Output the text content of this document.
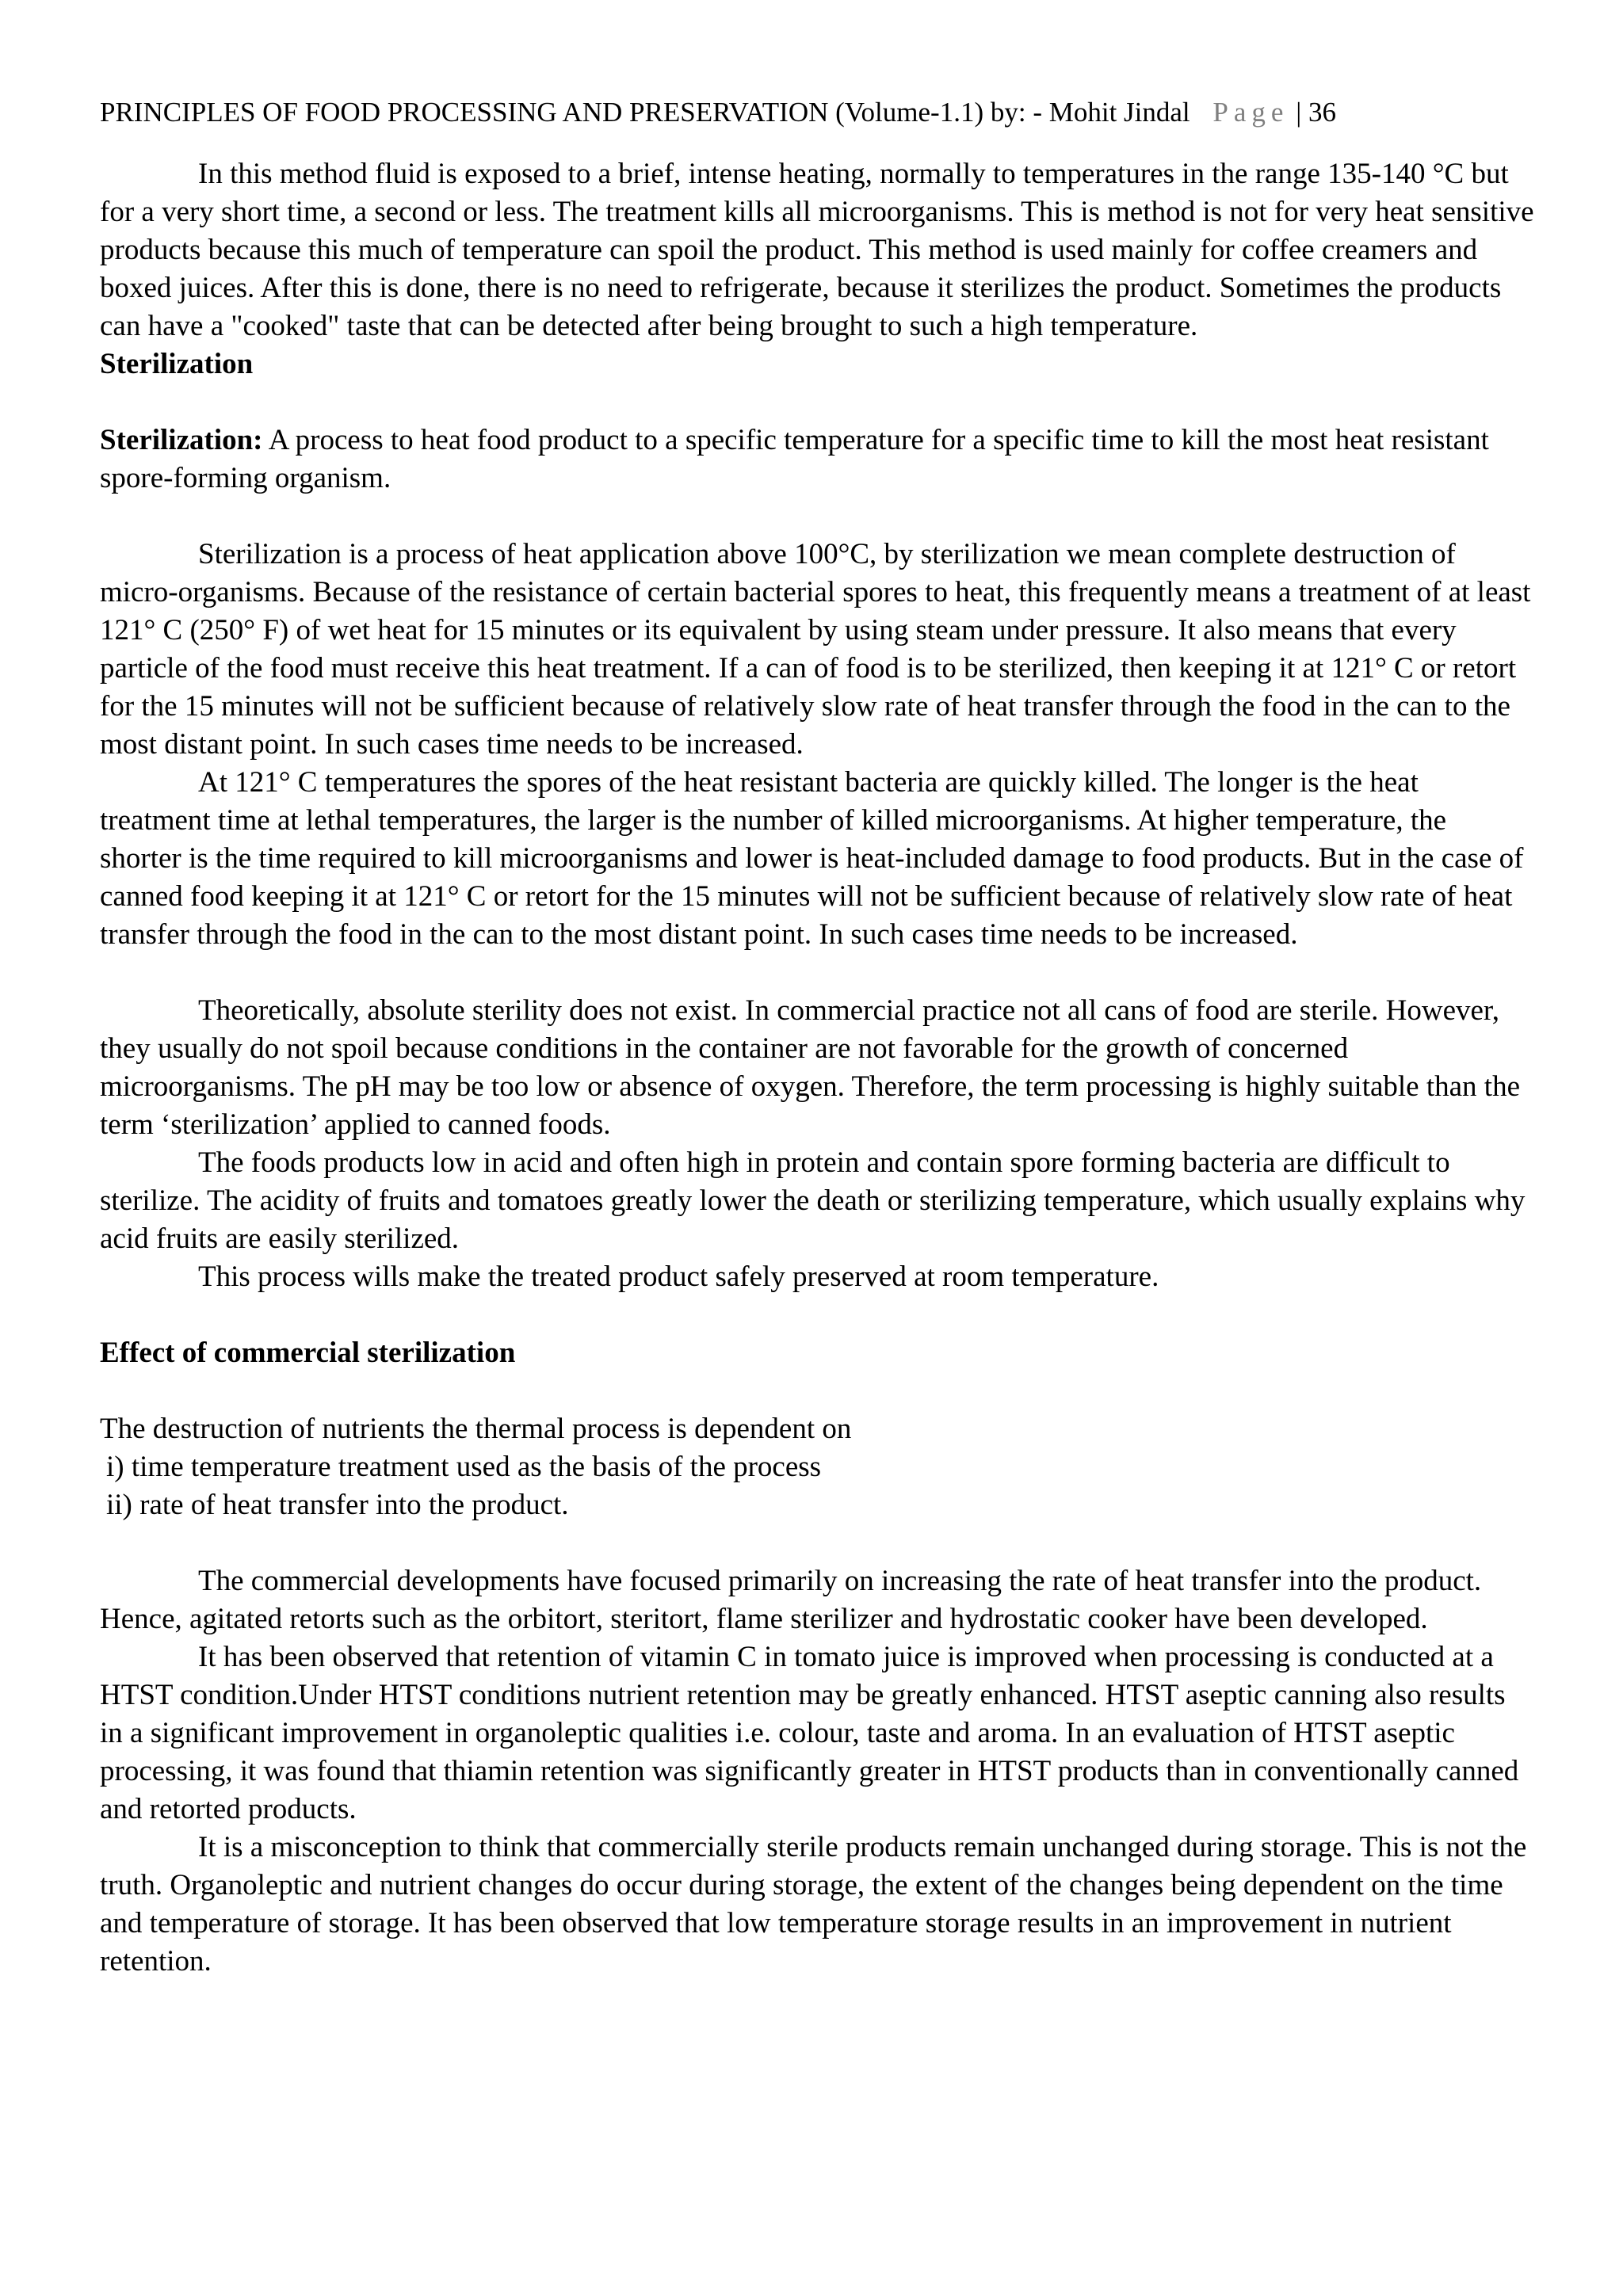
PRINCIPLES OF FOOD PROCESSING AND PRESERVATION (Volume-1.1) by: - Mohit Jindal Page | 36

In this method fluid is exposed to a brief, intense heating, normally to temperatures in the range 135-140 °C but for a very short time, a second or less. The treatment kills all microorganisms. This is method is not for very heat sensitive products because this much of temperature can spoil the product. This method is used mainly for coffee creamers and boxed juices. After this is done, there is no need to refrigerate, because it sterilizes the product. Sometimes the products can have a "cooked" taste that can be detected after being brought to such a high temperature.

Sterilization

Sterilization: A process to heat food product to a specific temperature for a specific time to kill the most heat resistant spore-forming organism.

Sterilization is a process of heat application above 100°C, by sterilization we mean complete destruction of micro-organisms. Because of the resistance of certain bacterial spores to heat, this frequently means a treatment of at least 121° C (250° F) of wet heat for 15 minutes or its equivalent by using steam under pressure. It also means that every particle of the food must receive this heat treatment. If a can of food is to be sterilized, then keeping it at 121° C or retort for the 15 minutes will not be sufficient because of relatively slow rate of heat transfer through the food in the can to the most distant point. In such cases time needs to be increased.

At 121° C temperatures the spores of the heat resistant bacteria are quickly killed. The longer is the heat treatment time at lethal temperatures, the larger is the number of killed microorganisms. At higher temperature, the shorter is the time required to kill microorganisms and lower is heat-included damage to food products. But in the case of canned food keeping it at 121° C or retort for the 15 minutes will not be sufficient because of relatively slow rate of heat transfer through the food in the can to the most distant point. In such cases time needs to be increased.

Theoretically, absolute sterility does not exist. In commercial practice not all cans of food are sterile. However, they usually do not spoil because conditions in the container are not favorable for the growth of concerned microorganisms. The pH may be too low or absence of oxygen. Therefore, the term processing is highly suitable than the term ‘sterilization’ applied to canned foods.

The foods products low in acid and often high in protein and contain spore forming bacteria are difficult to sterilize. The acidity of fruits and tomatoes greatly lower the death or sterilizing temperature, which usually explains why acid fruits are easily sterilized.

This process wills make the treated product safely preserved at room temperature.

Effect of commercial sterilization

The destruction of nutrients the thermal process is dependent on

i) time temperature treatment used as the basis of the process

ii) rate of heat transfer into the product.

The commercial developments have focused primarily on increasing the rate of heat transfer into the product. Hence, agitated retorts such as the orbitort, steritort, flame sterilizer and hydrostatic cooker have been developed.

It has been observed that retention of vitamin C in tomato juice is improved when processing is conducted at a HTST condition.Under HTST conditions nutrient retention may be greatly enhanced. HTST aseptic canning also results in a significant improvement in organoleptic qualities i.e. colour, taste and aroma. In an evaluation of HTST aseptic processing, it was found that thiamin retention was significantly greater in HTST products than in conventionally canned and retorted products.

It is a misconception to think that commercially sterile products remain unchanged during storage. This is not the truth. Organoleptic and nutrient changes do occur during storage, the extent of the changes being dependent on the time and temperature of storage. It has been observed that low temperature storage results in an improvement in nutrient retention.
